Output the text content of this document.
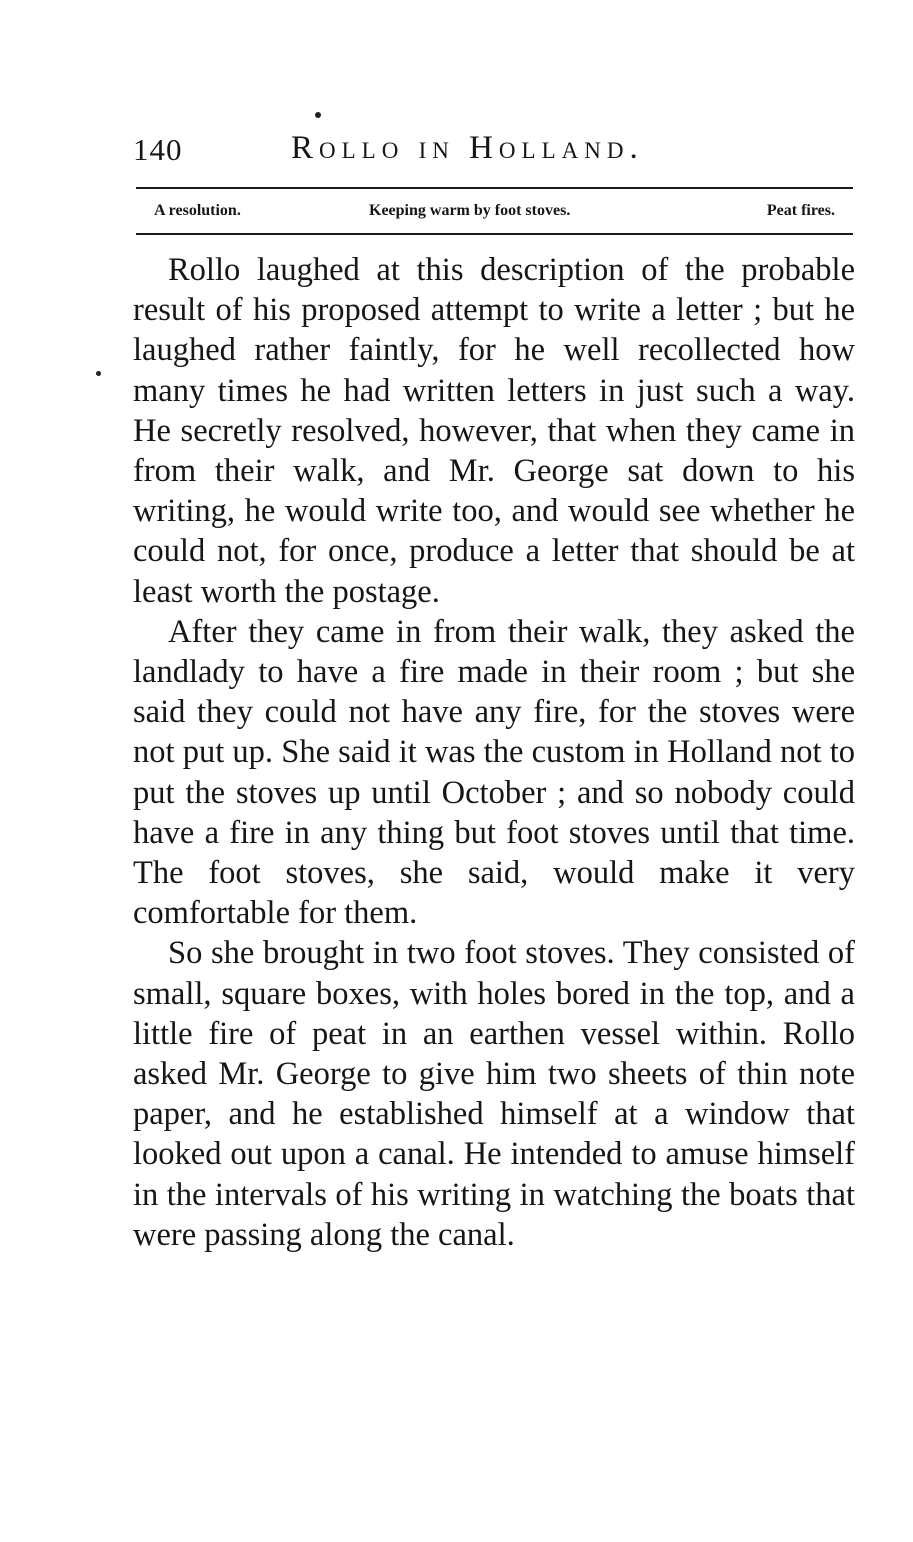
140	Rollo in Holland.
A resolution.	Keeping warm by foot stoves.	Peat fires.

Rollo laughed at this description of the probable result of his proposed attempt to write a letter ; but he laughed rather faintly, for he well recollected how many times he had written letters in just such a way. He secretly resolved, however, that when they came in from their walk, and Mr. George sat down to his writing, he would write too, and would see whether he could not, for once, produce a letter that should be at least worth the postage.

After they came in from their walk, they asked the landlady to have a fire made in their room ; but she said they could not have any fire, for the stoves were not put up. She said it was the custom in Holland not to put the stoves up until October ; and so nobody could have a fire in any thing but foot stoves until that time. The foot stoves, she said, would make it very comfortable for them.

So she brought in two foot stoves. They consisted of small, square boxes, with holes bored in the top, and a little fire of peat in an earthen vessel within. Rollo asked Mr. George to give him two sheets of thin note paper, and he established himself at a window that looked out upon a canal. He intended to amuse himself in the intervals of his writing in watching the boats that were passing along the canal.
